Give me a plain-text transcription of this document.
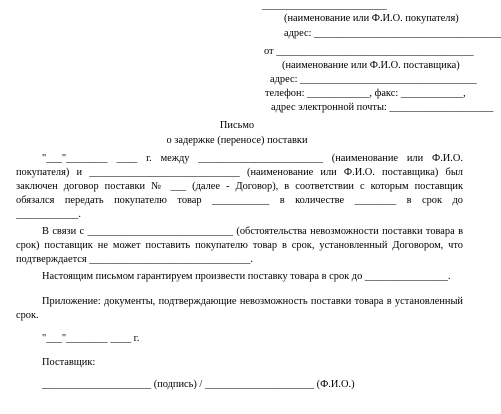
________________________
(наименование или Ф.И.О. покупателя)
адрес: ____________________________________
от ______________________________________
(наименование или Ф.И.О. поставщика)
адрес: __________________________________
телефон: ____________, факс: ____________,
адрес электронной почты: ____________________
Письмо
о задержке (переносе) поставки
"___"________ ____ г. между ________________________ (наименование или Ф.И.О.
покупателя) и _____________________________ (наименование или Ф.И.О. поставщика) был
заключен договор поставки № ___ (далее - Договор), в соответствии с которым поставщик
обязался передать покупателю товар ___________ в количестве ________ в срок до
____________.
В связи с ____________________________ (обстоятельства невозможности поставки товара в
срок) поставщик не может поставить покупателю товар в срок, установленный Договором, что
подтверждается _______________________________.
Настоящим письмом гарантируем произвести поставку товара в срок до ________________.
Приложение: документы, подтверждающие невозможность поставки товара в установленный
срок.
"___"________ ____ г.
Поставщик:
_____________________ (подпись) / _____________________ (Ф.И.О.)
